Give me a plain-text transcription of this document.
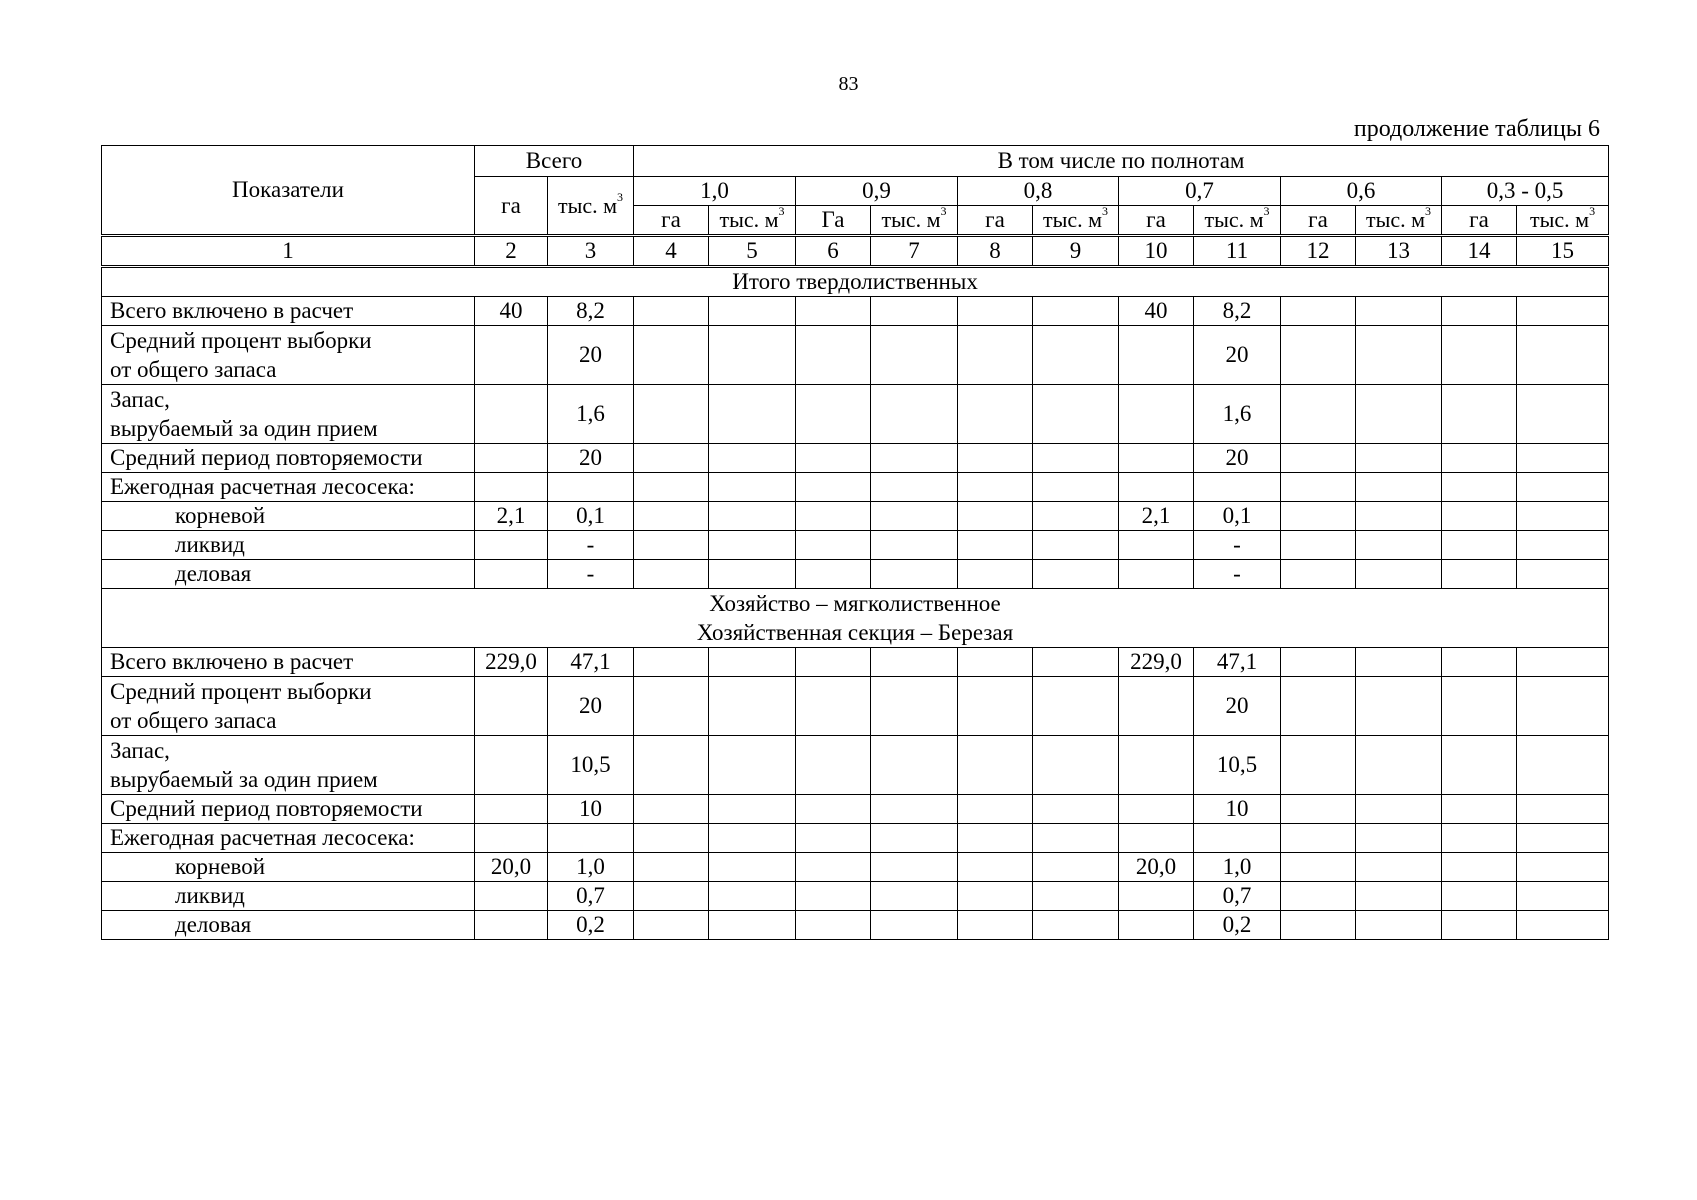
83
продолжение таблицы 6
Показатели	Всего		В том числе по полнотам											
	га	тыс. $м^3$	1,0		0,9		0,8		0,7		0,6		0,3 - 0,5	
			га	тыс. $м^3$	Га	тыс. $м^3$	га	тыс. $м^3$	га	тыс. $м^3$	га	тыс. $м^3$	га	тыс. $м^3$
1	2	3	4	5	6	7	8	9	10	11	12	13	14	15

Итого твердолиственных														

Всего включено в расчет	40	8,2							40	8,2				
Средний процент выборки
от общего запаса		20								20				
Запас,
вырубаемый за один прием		1,6								1,6				
Средний период повторяемости		20								20				
Ежегодная расчетная лесосека:														
корневой	2,1	0,1							2,1	0,1				
ликвид		-								-				
деловая		-								-				

Хозяйство – мягколиственное
Хозяйственная секция – Березая														

Всего включено в расчет	229,0	47,1							229,0	47,1				
Средний процент выборки
от общего запаса		20								20				
Запас,
вырубаемый за один прием		10,5								10,5				
Средний период повторяемости		10								10				
Ежегодная расчетная лесосека:														
корневой	20,0	1,0							20,0	1,0				
ликвид		0,7								0,7				
деловая		0,2								0,2				
